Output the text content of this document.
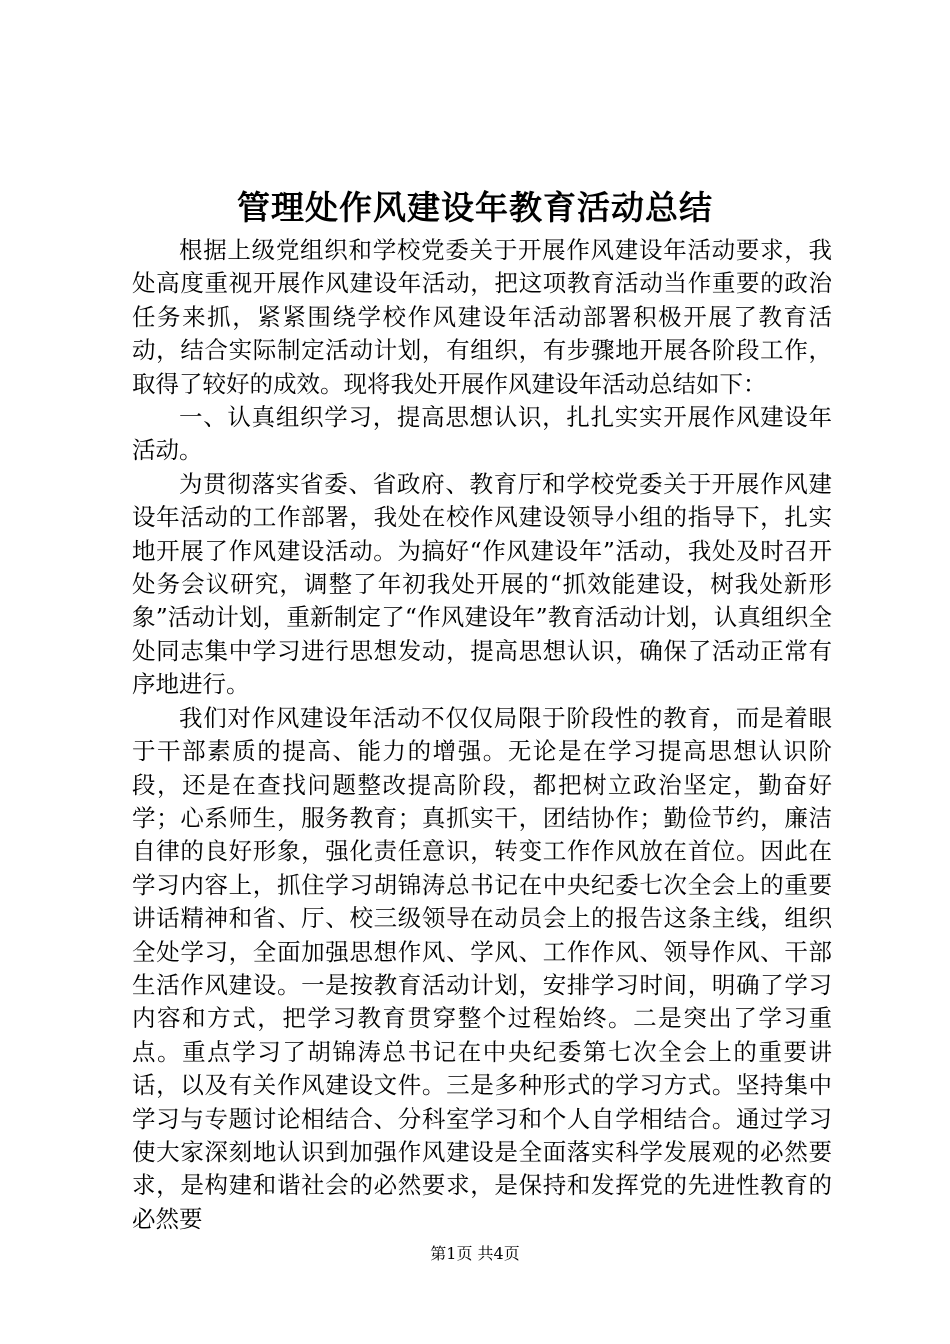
管理处作风建设年教育活动总结

根据上级党组织和学校党委关于开展作风建设年活动要求，我处高度重视开展作风建设年活动，把这项教育活动当作重要的政治任务来抓，紧紧围绕学校作风建设年活动部署积极开展了教育活动，结合实际制定活动计划，有组织，有步骤地开展各阶段工作，取得了较好的成效。现将我处开展作风建设年活动总结如下：

一、认真组织学习，提高思想认识，扎扎实实开展作风建设年活动。

为贯彻落实省委、省政府、教育厅和学校党委关于开展作风建设年活动的工作部署，我处在校作风建设领导小组的指导下，扎实地开展了作风建设活动。为搞好“作风建设年”活动，我处及时召开处务会议研究，调整了年初我处开展的“抓效能建设，树我处新形象”活动计划，重新制定了“作风建设年”教育活动计划，认真组织全处同志集中学习进行思想发动，提高思想认识，确保了活动正常有序地进行。

我们对作风建设年活动不仅仅局限于阶段性的教育，而是着眼于干部素质的提高、能力的增强。无论是在学习提高思想认识阶段，还是在查找问题整改提高阶段，都把树立政治坚定，勤奋好学；心系师生，服务教育；真抓实干，团结协作；勤俭节约，廉洁自律的良好形象，强化责任意识，转变工作作风放在首位。因此在学习内容上，抓住学习胡锦涛总书记在中央纪委七次全会上的重要讲话精神和省、厅、校三级领导在动员会上的报告这条主线，组织全处学习，全面加强思想作风、学风、工作作风、领导作风、干部生活作风建设。一是按教育活动计划，安排学习时间，明确了学习内容和方式，把学习教育贯穿整个过程始终。二是突出了学习重点。重点学习了胡锦涛总书记在中央纪委第七次全会上的重要讲话，以及有关作风建设文件。三是多种形式的学习方式。坚持集中学习与专题讨论相结合、分科室学习和个人自学相结合。通过学习使大家深刻地认识到加强作风建设是全面落实科学发展观的必然要求，是构建和谐社会的必然要求，是保持和发挥党的先进性教育的必然要

第1页 共4页
